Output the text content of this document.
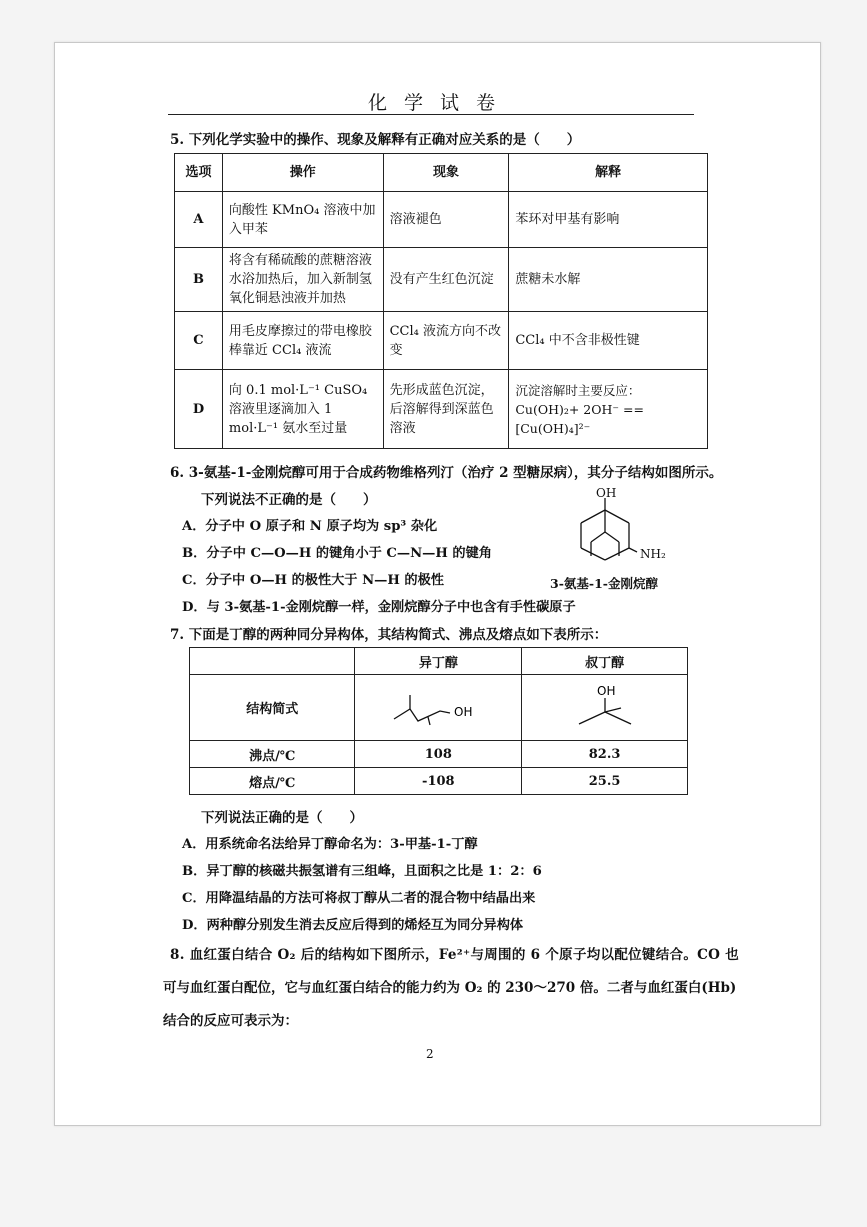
化学试卷
5. 下列化学实验中的操作、现象及解释有正确对应关系的是（　　）
选项	操作	现象	解释
A	向酸性 KMnO₄ 溶液中加入甲苯	溶液褪色	苯环对甲基有影响
B	将含有稀硫酸的蔗糖溶液水浴加热后，加入新制氢氧化铜悬浊液并加热	没有产生红色沉淀	蔗糖未水解
C	用毛皮摩擦过的带电橡胶棒靠近 CCl₄ 液流	CCl₄ 液流方向不改变	CCl₄ 中不含非极性键
D	向 0.1 mol·L⁻¹ CuSO₄ 溶液里逐滴加入 1 mol·L⁻¹ 氨水至过量	先形成蓝色沉淀，后溶解得到深蓝色溶液	沉淀溶解时主要反应：Cu(OH)₂+ 2OH⁻ == [Cu(OH)₄]²⁻
6. 3-氨基-1-金刚烷醇可用于合成药物维格列汀（治疗 2 型糖尿病），其分子结构如图所示。
下列说法不正确的是（　　）
A．分子中 O 原子和 N 原子均为 sp³ 杂化
B．分子中 C—O—H 的键角小于 C—N—H 的键角
C．分子中 O—H 的极性大于 N—H 的极性
D．与 3-氨基-1-金刚烷醇一样，金刚烷醇分子中也含有手性碳原子
OH
NH₂
3-氨基-1-金刚烷醇
7. 下面是丁醇的两种同分异构体，其结构简式、沸点及熔点如下表所示：
	异丁醇	叔丁醇
结构简式	OH	OH

沸点/℃	108	82.3
熔点/℃	-108	25.5
下列说法正确的是（　　）
A．用系统命名法给异丁醇命名为：3-甲基-1-丁醇
B．异丁醇的核磁共振氢谱有三组峰，且面积之比是 1：2：6
C．用降温结晶的方法可将叔丁醇从二者的混合物中结晶出来
D．两种醇分别发生消去反应后得到的烯烃互为同分异构体
8. 血红蛋白结合 O₂ 后的结构如下图所示，Fe²⁺与周围的 6 个原子均以配位键结合。CO 也
可与血红蛋白配位，它与血红蛋白结合的能力约为 O₂ 的 230～270 倍。二者与血红蛋白(Hb)
结合的反应可表示为：
2
